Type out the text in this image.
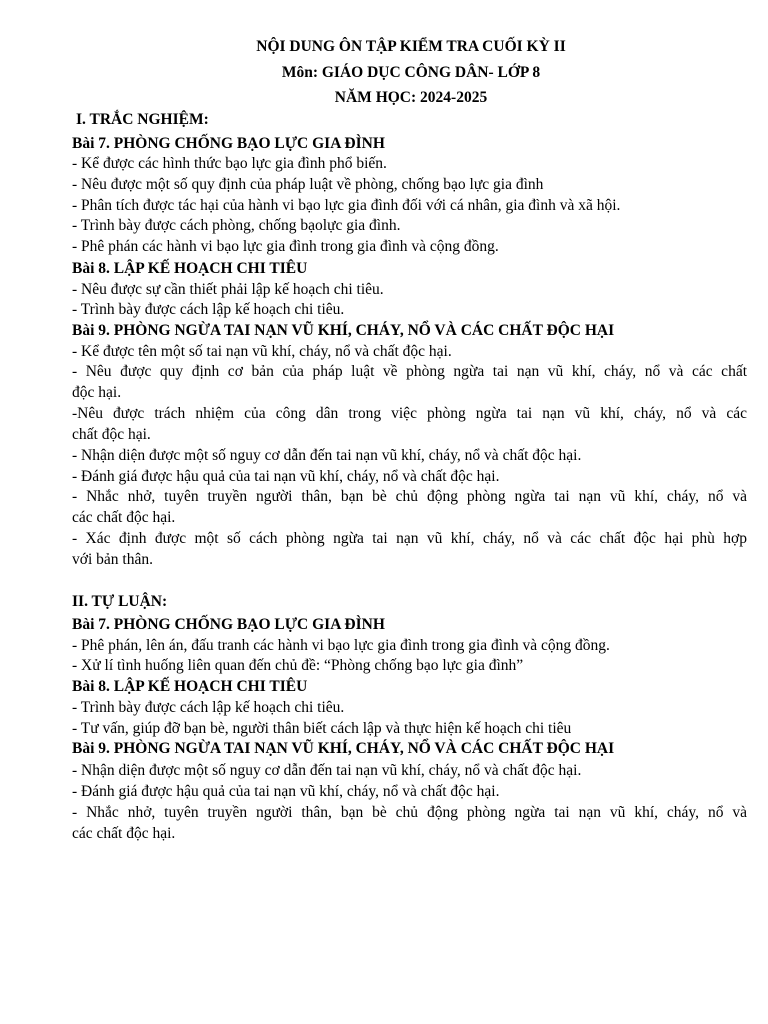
NỘI DUNG ÔN TẬP KIỂM TRA CUỐI KỲ II
Môn: GIÁO DỤC CÔNG DÂN- LỚP 8
NĂM HỌC: 2024-2025
I. TRẮC NGHIỆM:
Bài 7. PHÒNG CHỐNG BẠO LỰC GIA ĐÌNH
- Kể được các hình thức bạo lực gia đình phổ biến.
- Nêu được một số quy định của pháp luật về phòng, chống bạo lực gia đình
- Phân tích được tác hại của hành vi bạo lực gia đình đối với cá nhân, gia đình và xã hội.
- Trình bày được cách phòng, chống bạolực gia đình.
- Phê phán các hành vi bạo lực gia đình trong gia đình và cộng đồng.
Bài 8. LẬP KẾ HOẠCH CHI TIÊU
- Nêu được sự cần thiết phải lập kế hoạch chi tiêu.
- Trình bày được cách lập kế hoạch chi tiêu.
Bài 9. PHÒNG NGỪA TAI NẠN VŨ KHÍ, CHÁY, NỔ VÀ CÁC CHẤT ĐỘC HẠI
- Kể được tên một số tai nạn vũ khí, cháy, nổ và chất độc hại.
- Nêu được quy định cơ bản của pháp luật về phòng ngừa tai nạn vũ khí, cháy, nổ và các chất
độc hại.
-Nêu được trách nhiệm của công dân trong việc phòng ngừa tai nạn vũ khí, cháy, nổ và các
chất độc hại.
- Nhận diện được một số nguy cơ dẫn đến tai nạn vũ khí, cháy, nổ và chất độc hại.
- Đánh giá được hậu quả của tai nạn vũ khí, cháy, nổ và chất độc hại.
- Nhắc nhở, tuyên truyền người thân, bạn bè chủ động phòng ngừa tai nạn vũ khí, cháy, nổ và
các chất độc hại.
- Xác định được một số cách phòng ngừa tai nạn vũ khí, cháy, nổ và các chất độc hại phù hợp
với bản thân.
II. TỰ LUẬN:
Bài 7. PHÒNG CHỐNG BẠO LỰC GIA ĐÌNH
- Phê phán, lên án, đấu tranh các hành vi bạo lực gia đình trong gia đình và cộng đồng.
- Xử lí tình huống liên quan đến chủ đề: “Phòng chống bạo lực gia đình”
Bài 8. LẬP KẾ HOẠCH CHI TIÊU
- Trình bày được cách lập kế hoạch chi tiêu.
- Tư vấn, giúp đỡ bạn bè, người thân biết cách lập và thực hiện kế hoạch chi tiêu
Bài 9. PHÒNG NGỪA TAI NẠN VŨ KHÍ, CHÁY, NỔ VÀ CÁC CHẤT ĐỘC HẠI
- Nhận diện được một số nguy cơ dẫn đến tai nạn vũ khí, cháy, nổ và chất độc hại.
- Đánh giá được hậu quả của tai nạn vũ khí, cháy, nổ và chất độc hại.
- Nhắc nhở, tuyên truyền người thân, bạn bè chủ động phòng ngừa tai nạn vũ khí, cháy, nổ và
các chất độc hại.
